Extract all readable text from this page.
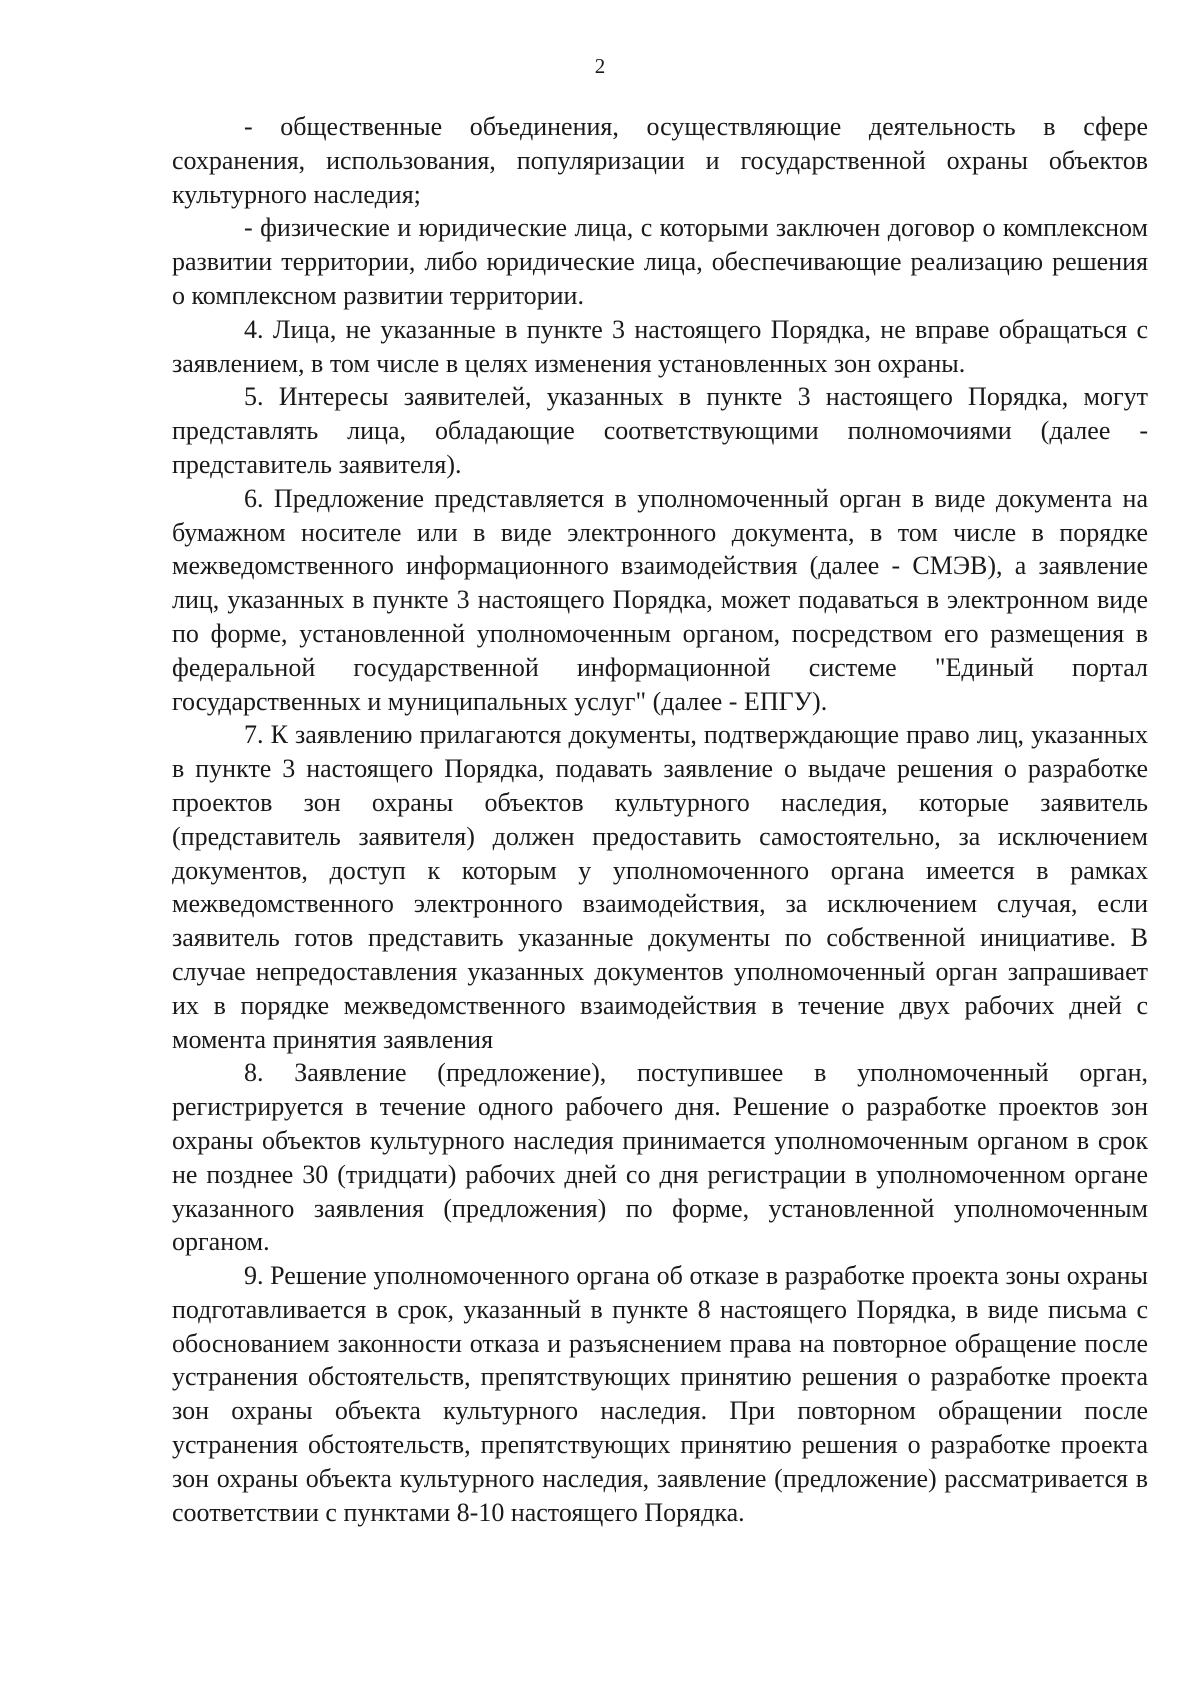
2

- общественные объединения, осуществляющие деятельность в сфере сохранения, использования, популяризации и государственной охраны объектов культурного наследия;

- физические и юридические лица, с которыми заключен договор о комплексном развитии территории, либо юридические лица, обеспечивающие реализацию решения о комплексном развитии территории.

4. Лица, не указанные в пункте 3 настоящего Порядка, не вправе обращаться с заявлением, в том числе в целях изменения установленных зон охраны.

5. Интересы заявителей, указанных в пункте 3 настоящего Порядка, могут представлять лица, обладающие соответствующими полномочиями (далее - представитель заявителя).

6. Предложение представляется в уполномоченный орган в виде документа на бумажном носителе или в виде электронного документа, в том числе в порядке межведомственного информационного взаимодействия (далее - СМЭВ), а заявление лиц, указанных в пункте 3 настоящего Порядка, может подаваться в электронном виде по форме, установленной уполномоченным органом, посредством его размещения в федеральной государственной информационной системе "Единый портал государственных и муниципальных услуг" (далее - ЕПГУ).

7. К заявлению прилагаются документы, подтверждающие право лиц, указанных в пункте 3 настоящего Порядка, подавать заявление о выдаче решения о разработке проектов зон охраны объектов культурного наследия, которые заявитель (представитель заявителя) должен предоставить самостоятельно, за исключением документов, доступ к которым у уполномоченного органа имеется в рамках межведомственного электронного взаимодействия, за исключением случая, если заявитель готов представить указанные документы по собственной инициативе. В случае непредоставления указанных документов уполномоченный орган запрашивает их в порядке межведомственного взаимодействия в течение двух рабочих дней с момента принятия заявления

8. Заявление (предложение), поступившее в уполномоченный орган, регистрируется в течение одного рабочего дня. Решение о разработке проектов зон охраны объектов культурного наследия принимается уполномоченным органом в срок не позднее 30 (тридцати) рабочих дней со дня регистрации в уполномоченном органе указанного заявления (предложения) по форме, установленной уполномоченным органом.

9. Решение уполномоченного органа об отказе в разработке проекта зоны охраны подготавливается в срок, указанный в пункте 8 настоящего Порядка, в виде письма с обоснованием законности отказа и разъяснением права на повторное обращение после устранения обстоятельств, препятствующих принятию решения о разработке проекта зон охраны объекта культурного наследия. При повторном обращении после устранения обстоятельств, препятствующих принятию решения о разработке проекта зон охраны объекта культурного наследия, заявление (предложение) рассматривается в соответствии с пунктами 8-10 настоящего Порядка.
